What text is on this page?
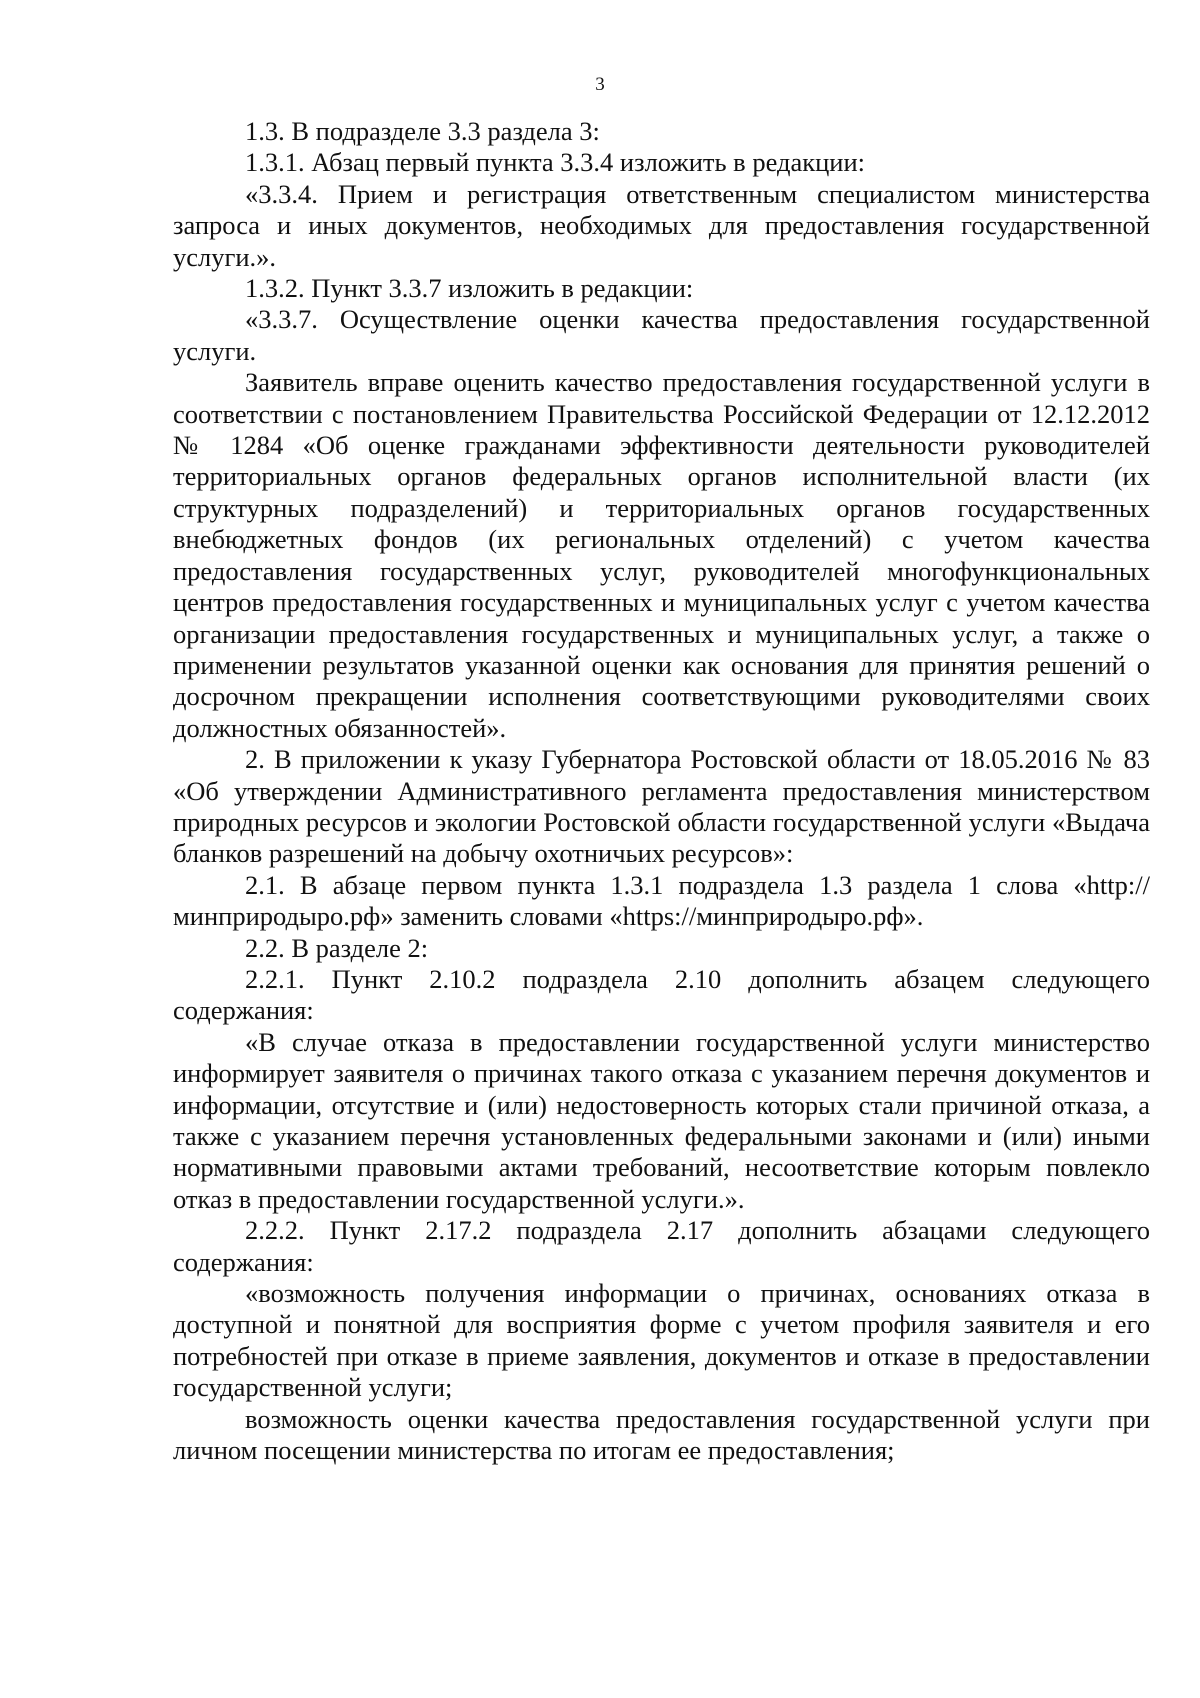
3

1.3. В подразделе 3.3 раздела 3:

1.3.1. Абзац первый пункта 3.3.4 изложить в редакции:

«3.3.4. Прием и регистрация ответственным специалистом министерства запроса и иных документов, необходимых для предоставления государственной услуги.».

1.3.2. Пункт 3.3.7 изложить в редакции:

«3.3.7. Осуществление оценки качества предоставления государственной услуги.

Заявитель вправе оценить качество предоставления государственной услуги в соответствии с постановлением Правительства Российской Федерации от 12.12.2012 № 1284 «Об оценке гражданами эффективности деятельности руководителей территориальных органов федеральных органов исполнительной власти (их структурных подразделений) и территориальных органов государственных внебюджетных фондов (их региональных отделений) с учетом качества предоставления государственных услуг, руководителей многофункциональных центров предоставления государственных и муниципальных услуг с учетом качества организации предоставления государственных и муниципальных услуг, а также о применении результатов указанной оценки как основания для принятия решений о досрочном прекращении исполнения соответствующими руководителями своих должностных обязанностей».

2. В приложении к указу Губернатора Ростовской области от 18.05.2016 № 83 «Об утверждении Административного регламента предоставления министерством природных ресурсов и экологии Ростовской области государственной услуги «Выдача бланков разрешений на добычу охотничьих ресурсов»:

2.1. В абзаце первом пункта 1.3.1 подраздела 1.3 раздела 1 слова «http://минприродыро.рф» заменить словами «https://минприродыро.рф».

2.2. В разделе 2:

2.2.1. Пункт 2.10.2 подраздела 2.10 дополнить абзацем следующего содержания:

«В случае отказа в предоставлении государственной услуги министерство информирует заявителя о причинах такого отказа с указанием перечня документов и информации, отсутствие и (или) недостоверность которых стали причиной отказа, а также с указанием перечня установленных федеральными законами и (или) иными нормативными правовыми актами требований, несоответствие которым повлекло отказ в предоставлении государственной услуги.».

2.2.2. Пункт 2.17.2 подраздела 2.17 дополнить абзацами следующего содержания:

«возможность получения информации о причинах, основаниях отказа в доступной и понятной для восприятия форме с учетом профиля заявителя и его потребностей при отказе в приеме заявления, документов и отказе в предоставлении государственной услуги;

возможность оценки качества предоставления государственной услуги при личном посещении министерства по итогам ее предоставления;
